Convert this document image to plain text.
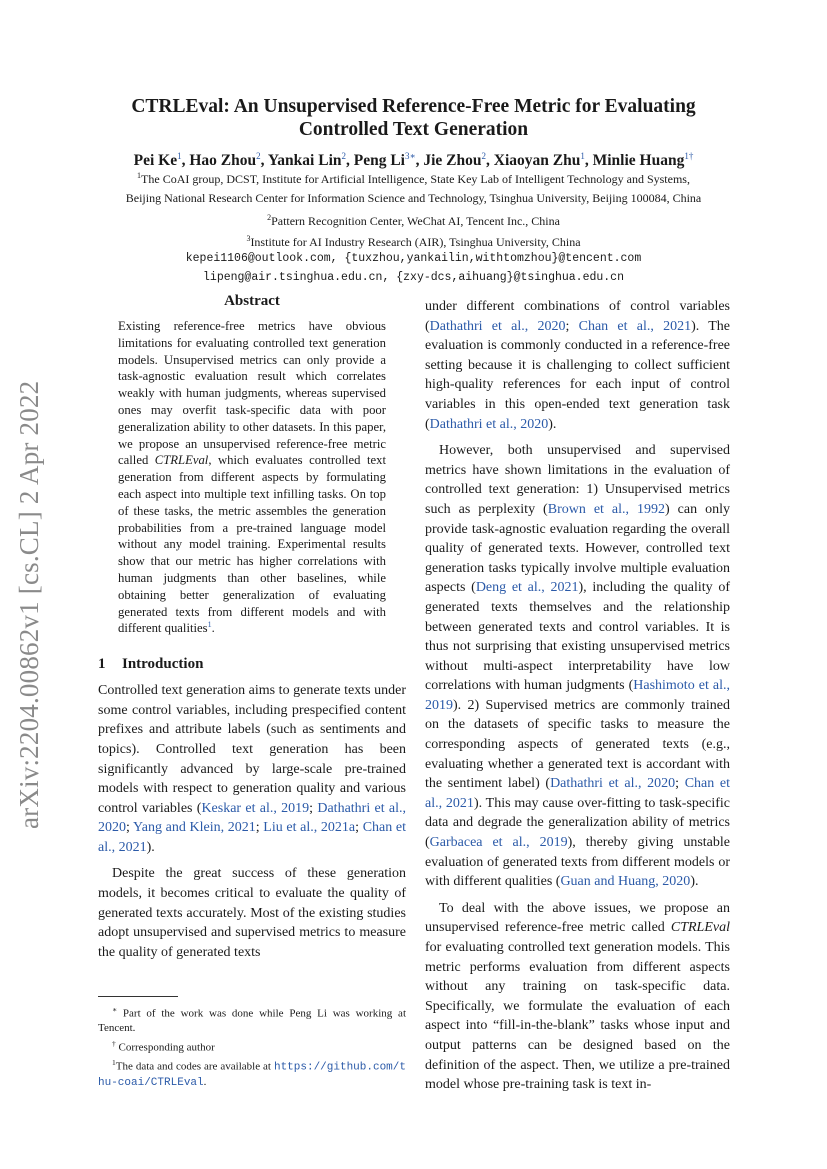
arXiv:2204.00862v1 [cs.CL] 2 Apr 2022
CTRLEval: An Unsupervised Reference-Free Metric for Evaluating
Controlled Text Generation
Pei Ke$^1$, Hao Zhou$^2$, Yankai Lin$^2$, Peng $Li^{3∗}$, Jie Zhou$^2$, Xiaoyan Zhu$^1$, Minlie Huang$^{1\dagger}$
$^1$The CoAI group, DCST, Institute for Artificial Intelligence, State Key Lab of Intelligent Technology and Systems,
Beijing National Research Center for Information Science and Technology, Tsinghua University, Beijing 100084, China
$^2$Pattern Recognition Center, WeChat AI, Tencent Inc., China
$^3$Institute for AI Industry Research (AIR), Tsinghua University, China
kepei1106@outlook.com, {tuxzhou,yankailin,withtomzhou}@tencent.com
lipeng@air.tsinghua.edu.cn, {zxy-dcs,aihuang}@tsinghua.edu.cn
Abstract

Existing reference-free metrics have obvious limitations for evaluating controlled text generation models. Unsupervised metrics can only provide a task-agnostic evaluation result which correlates weakly with human judgments, whereas supervised ones may overfit task-specific data with poor generalization ability to other datasets. In this paper, we propose an unsupervised reference-free metric called CTRLEval, which evaluates controlled text generation from different aspects by formulating each aspect into multiple text infilling tasks. On top of these tasks, the metric assembles the generation probabilities from a pre-trained language model without any model training. Experimental results show that our metric has higher correlations with human judgments than other baselines, while obtaining better generalization of evaluating generated texts from different models and with different qualities$^1$.

1 Introduction

Controlled text generation aims to generate texts under some control variables, including prespecified content prefixes and attribute labels (such as sentiments and topics). Controlled text generation has been significantly advanced by large-scale pre-trained models with respect to generation quality and various control variables (Keskar et al., 2019; Dathathri et al., 2020; Yang and Klein, 2021; Liu et al., 2021a; Chan et al., 2021).

Despite the great success of these generation models, it becomes critical to evaluate the quality of generated texts accurately. Most of the existing studies adopt unsupervised and supervised metrics to measure the quality of generated texts

∗ Part of the work was done while Peng Li was working at Tencent.

† Corresponding author

$^1$The data and codes are available at https://github.com/thu-coai/CTRLEval.

under different combinations of control variables (Dathathri et al., 2020; Chan et al., 2021). The evaluation is commonly conducted in a reference-free setting because it is challenging to collect sufficient high-quality references for each input of control variables in this open-ended text generation task (Dathathri et al., 2020).

However, both unsupervised and supervised metrics have shown limitations in the evaluation of controlled text generation: 1) Unsupervised metrics such as perplexity (Brown et al., 1992) can only provide task-agnostic evaluation regarding the overall quality of generated texts. However, controlled text generation tasks typically involve multiple evaluation aspects (Deng et al., 2021), including the quality of generated texts themselves and the relationship between generated texts and control variables. It is thus not surprising that existing unsupervised metrics without multi-aspect interpretability have low correlations with human judgments (Hashimoto et al., 2019). 2) Supervised metrics are commonly trained on the datasets of specific tasks to measure the corresponding aspects of generated texts (e.g., evaluating whether a generated text is accordant with the sentiment label) (Dathathri et al., 2020; Chan et al., 2021). This may cause over-fitting to task-specific data and degrade the generalization ability of metrics (Garbacea et al., 2019), thereby giving unstable evaluation of generated texts from different models or with different qualities (Guan and Huang, 2020).

To deal with the above issues, we propose an unsupervised reference-free metric called CTRLEval for evaluating controlled text generation models. This metric performs evaluation from different aspects without any training on task-specific data. Specifically, we formulate the evaluation of each aspect into “fill-in-the-blank” tasks whose input and output patterns can be designed based on the definition of the aspect. Then, we utilize a pre-trained model whose pre-training task is text in-
